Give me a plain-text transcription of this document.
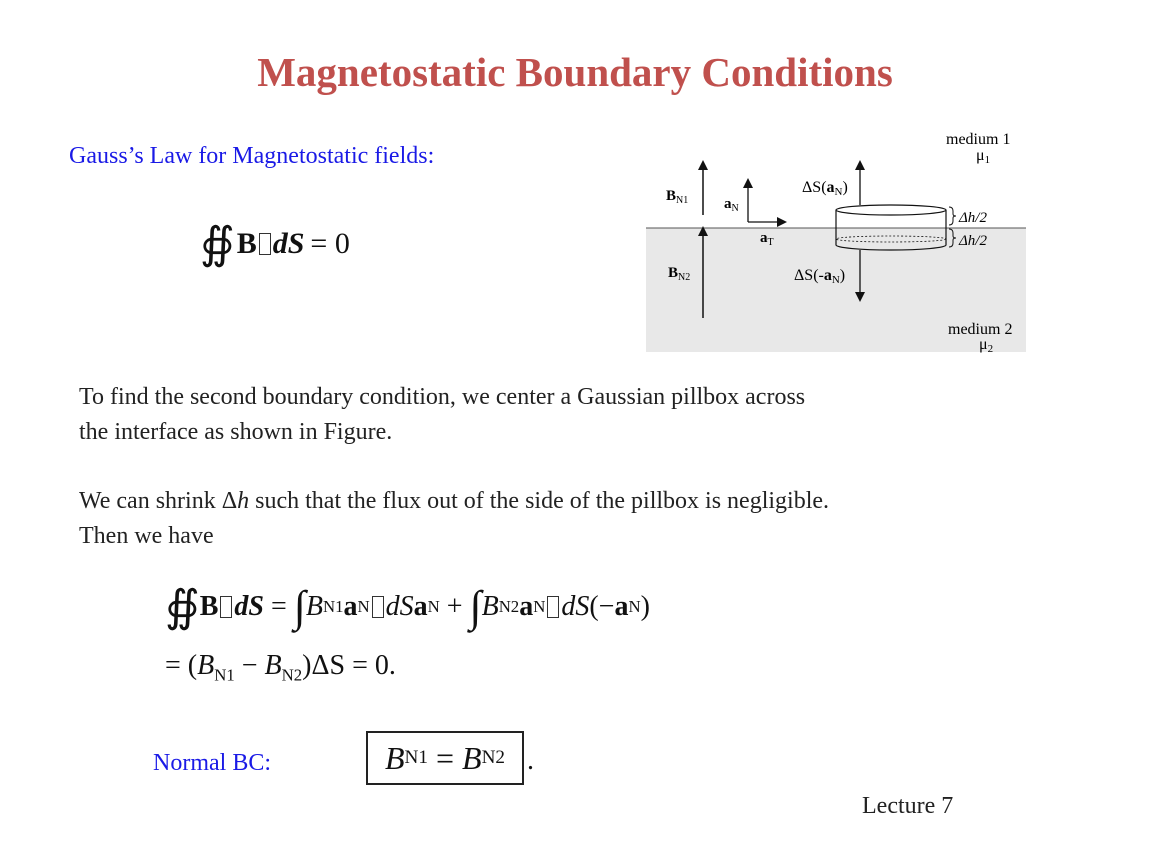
Magnetostatic Boundary Conditions
Gauss’s Law for Magnetostatic fields:
∯ B dS = 0
medium 1
μ1
medium 2
μ2
$B_{N1}$
$B_{N2}$
$a_N$
$a_T$
ΔS(aN)
ΔS(-aN)
Δh/2
Δh/2
To find the second boundary condition, we center a Gaussian pillbox across
the interface as shown in Figure.
We can shrink Δh such that the flux out of the side of the pillbox is negligible.
Then we have
∯ B dS = ∫ B N1 a N dS a N + ∫ B N2 a N dS (− a N )
= $(B_{N1} - B_{N2})\Delta S = 0$.
Normal BC:	B N1 = B N2 .
Lecture 7
